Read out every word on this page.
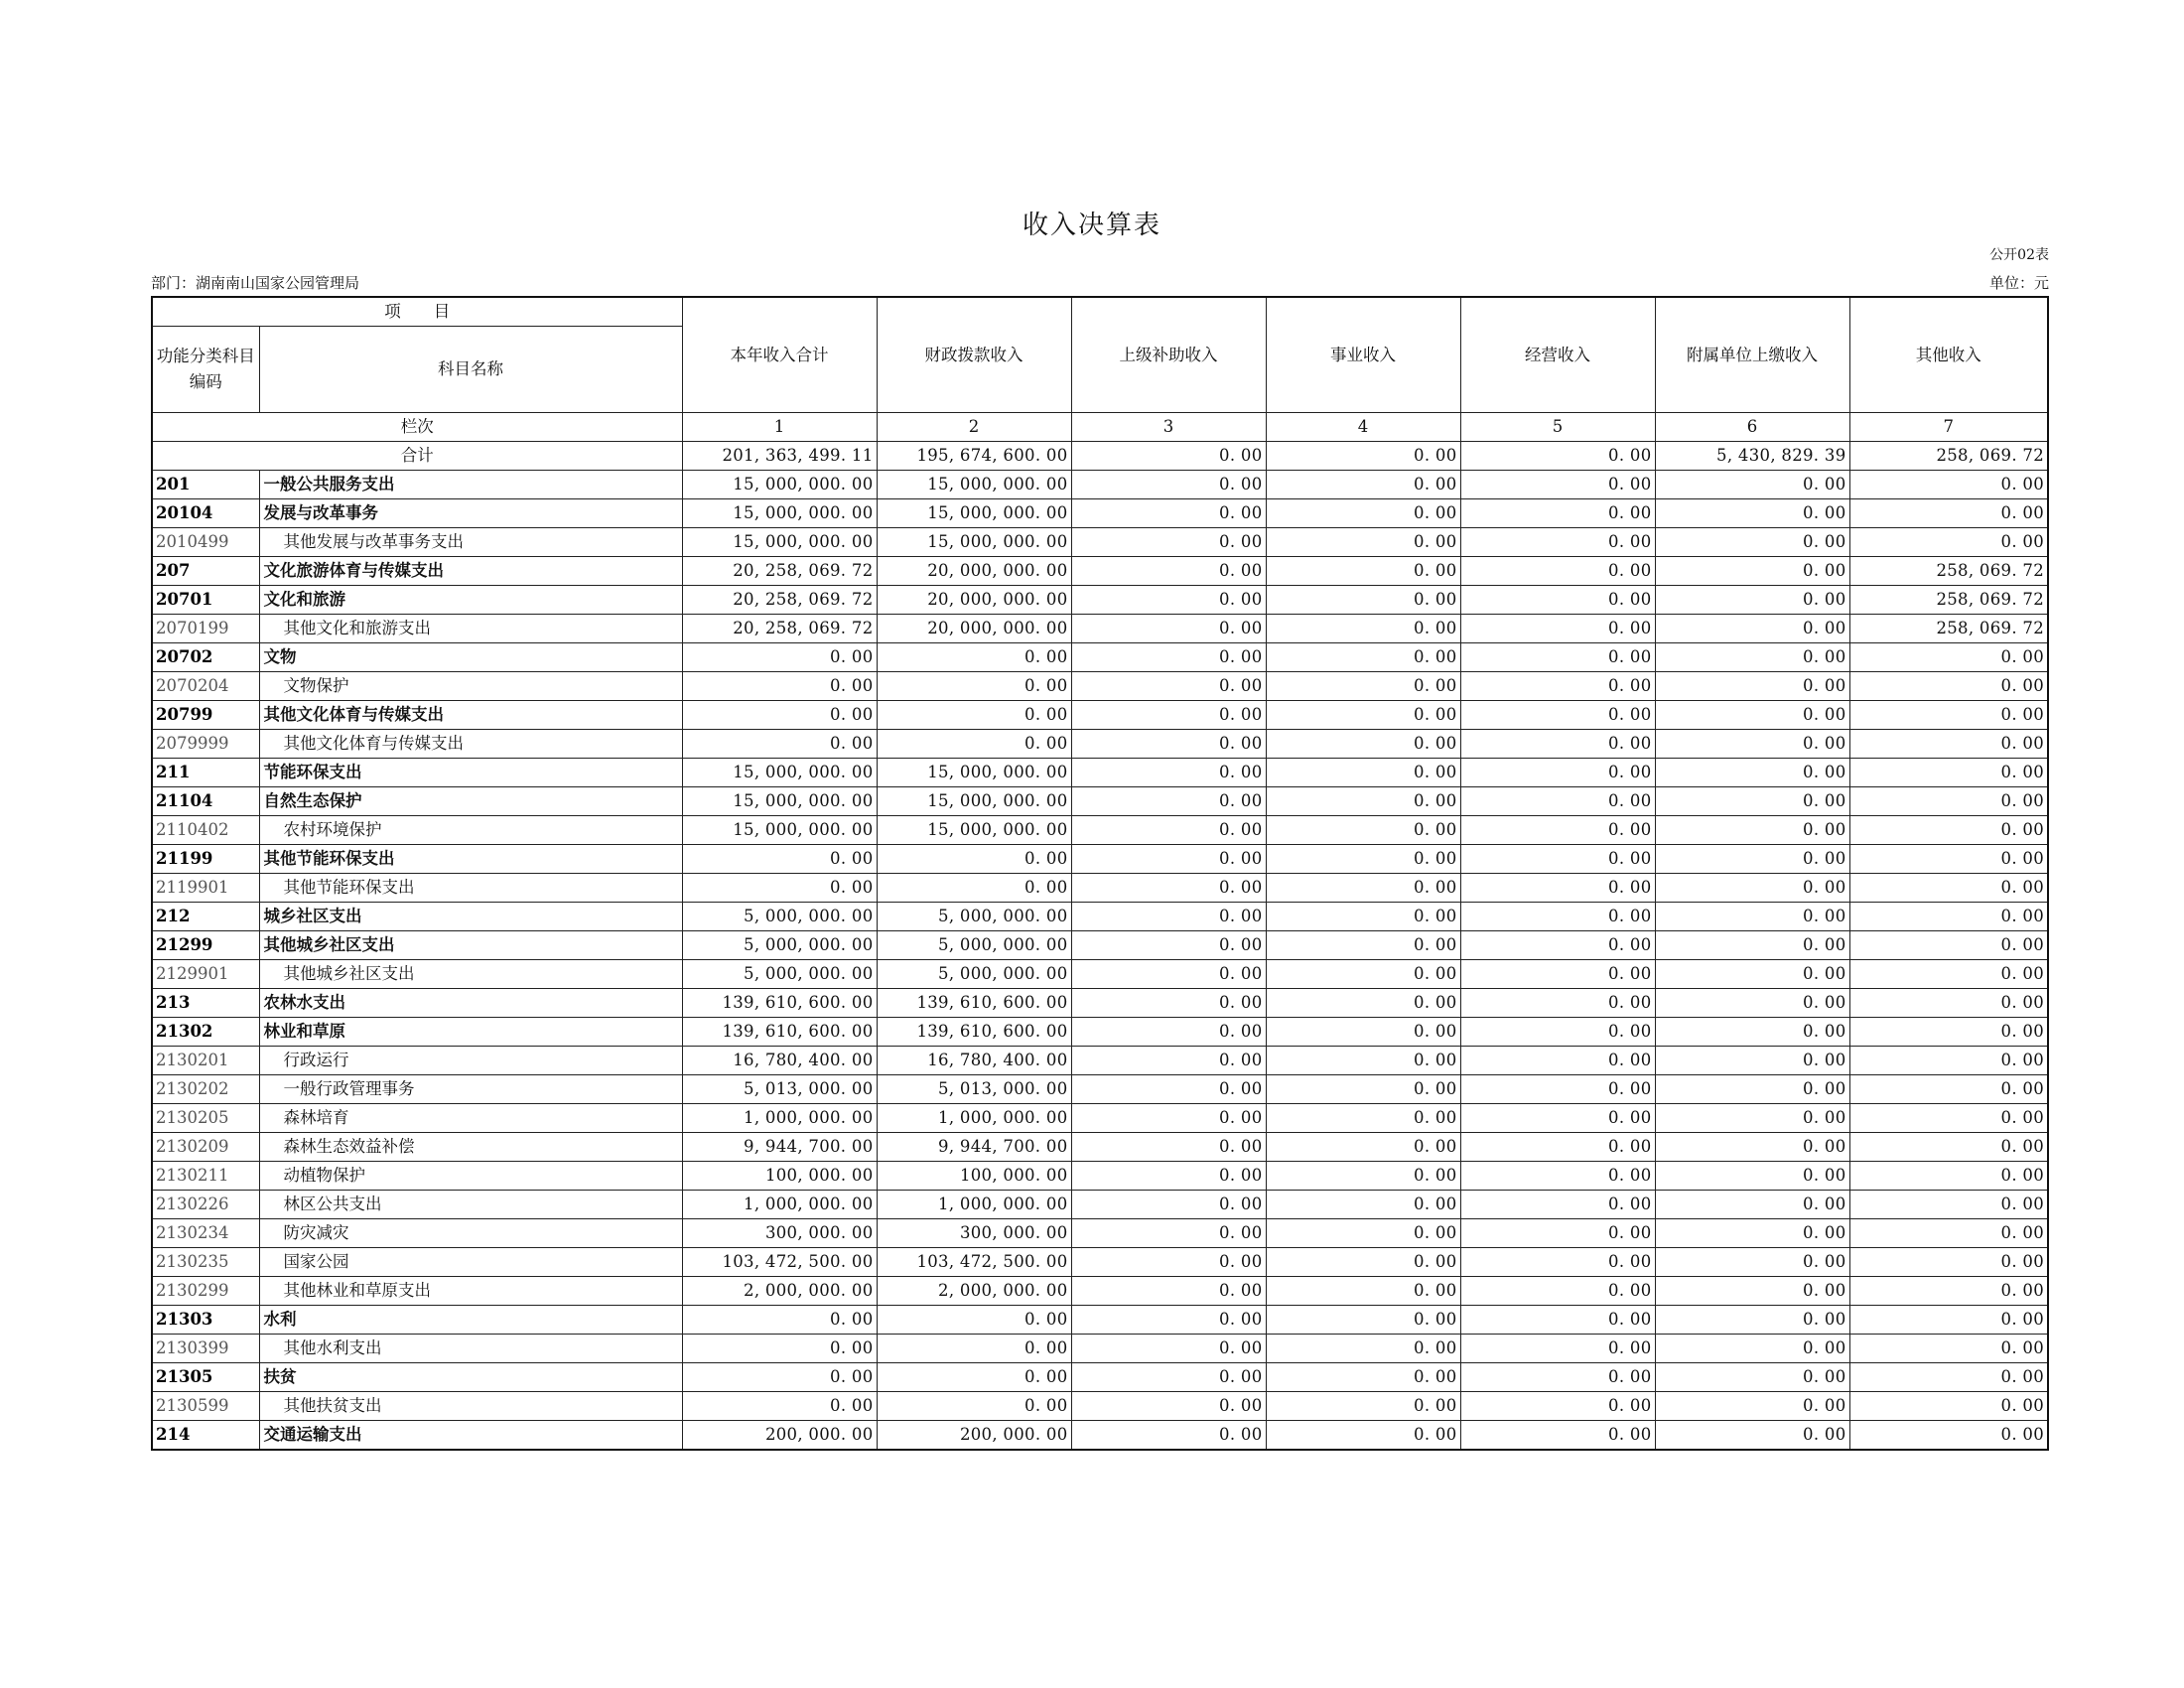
收入决算表
公开02表
部门：湖南南山国家公园管理局	单位：元
项　　目		本年收入合计	财政拨款收入	上级补助收入	事业收入	经营收入	附属单位上缴收入	其他收入
功能分类科目编码	科目名称							
栏次		1	2	3	4	5	6	7
合计		201, 363, 499. 11	195, 674, 600. 00	0. 00	0. 00	0. 00	5, 430, 829. 39	258, 069. 72
201	一般公共服务支出	15, 000, 000. 00	15, 000, 000. 00	0. 00	0. 00	0. 00	0. 00	0. 00
20104	发展与改革事务	15, 000, 000. 00	15, 000, 000. 00	0. 00	0. 00	0. 00	0. 00	0. 00
2010499	其他发展与改革事务支出	15, 000, 000. 00	15, 000, 000. 00	0. 00	0. 00	0. 00	0. 00	0. 00
207	文化旅游体育与传媒支出	20, 258, 069. 72	20, 000, 000. 00	0. 00	0. 00	0. 00	0. 00	258, 069. 72
20701	文化和旅游	20, 258, 069. 72	20, 000, 000. 00	0. 00	0. 00	0. 00	0. 00	258, 069. 72
2070199	其他文化和旅游支出	20, 258, 069. 72	20, 000, 000. 00	0. 00	0. 00	0. 00	0. 00	258, 069. 72
20702	文物	0. 00	0. 00	0. 00	0. 00	0. 00	0. 00	0. 00
2070204	文物保护	0. 00	0. 00	0. 00	0. 00	0. 00	0. 00	0. 00
20799	其他文化体育与传媒支出	0. 00	0. 00	0. 00	0. 00	0. 00	0. 00	0. 00
2079999	其他文化体育与传媒支出	0. 00	0. 00	0. 00	0. 00	0. 00	0. 00	0. 00
211	节能环保支出	15, 000, 000. 00	15, 000, 000. 00	0. 00	0. 00	0. 00	0. 00	0. 00
21104	自然生态保护	15, 000, 000. 00	15, 000, 000. 00	0. 00	0. 00	0. 00	0. 00	0. 00
2110402	农村环境保护	15, 000, 000. 00	15, 000, 000. 00	0. 00	0. 00	0. 00	0. 00	0. 00
21199	其他节能环保支出	0. 00	0. 00	0. 00	0. 00	0. 00	0. 00	0. 00
2119901	其他节能环保支出	0. 00	0. 00	0. 00	0. 00	0. 00	0. 00	0. 00
212	城乡社区支出	5, 000, 000. 00	5, 000, 000. 00	0. 00	0. 00	0. 00	0. 00	0. 00
21299	其他城乡社区支出	5, 000, 000. 00	5, 000, 000. 00	0. 00	0. 00	0. 00	0. 00	0. 00
2129901	其他城乡社区支出	5, 000, 000. 00	5, 000, 000. 00	0. 00	0. 00	0. 00	0. 00	0. 00
213	农林水支出	139, 610, 600. 00	139, 610, 600. 00	0. 00	0. 00	0. 00	0. 00	0. 00
21302	林业和草原	139, 610, 600. 00	139, 610, 600. 00	0. 00	0. 00	0. 00	0. 00	0. 00
2130201	行政运行	16, 780, 400. 00	16, 780, 400. 00	0. 00	0. 00	0. 00	0. 00	0. 00
2130202	一般行政管理事务	5, 013, 000. 00	5, 013, 000. 00	0. 00	0. 00	0. 00	0. 00	0. 00
2130205	森林培育	1, 000, 000. 00	1, 000, 000. 00	0. 00	0. 00	0. 00	0. 00	0. 00
2130209	森林生态效益补偿	9, 944, 700. 00	9, 944, 700. 00	0. 00	0. 00	0. 00	0. 00	0. 00
2130211	动植物保护	100, 000. 00	100, 000. 00	0. 00	0. 00	0. 00	0. 00	0. 00
2130226	林区公共支出	1, 000, 000. 00	1, 000, 000. 00	0. 00	0. 00	0. 00	0. 00	0. 00
2130234	防灾减灾	300, 000. 00	300, 000. 00	0. 00	0. 00	0. 00	0. 00	0. 00
2130235	国家公园	103, 472, 500. 00	103, 472, 500. 00	0. 00	0. 00	0. 00	0. 00	0. 00
2130299	其他林业和草原支出	2, 000, 000. 00	2, 000, 000. 00	0. 00	0. 00	0. 00	0. 00	0. 00
21303	水利	0. 00	0. 00	0. 00	0. 00	0. 00	0. 00	0. 00
2130399	其他水利支出	0. 00	0. 00	0. 00	0. 00	0. 00	0. 00	0. 00
21305	扶贫	0. 00	0. 00	0. 00	0. 00	0. 00	0. 00	0. 00
2130599	其他扶贫支出	0. 00	0. 00	0. 00	0. 00	0. 00	0. 00	0. 00
214	交通运输支出	200, 000. 00	200, 000. 00	0. 00	0. 00	0. 00	0. 00	0. 00
